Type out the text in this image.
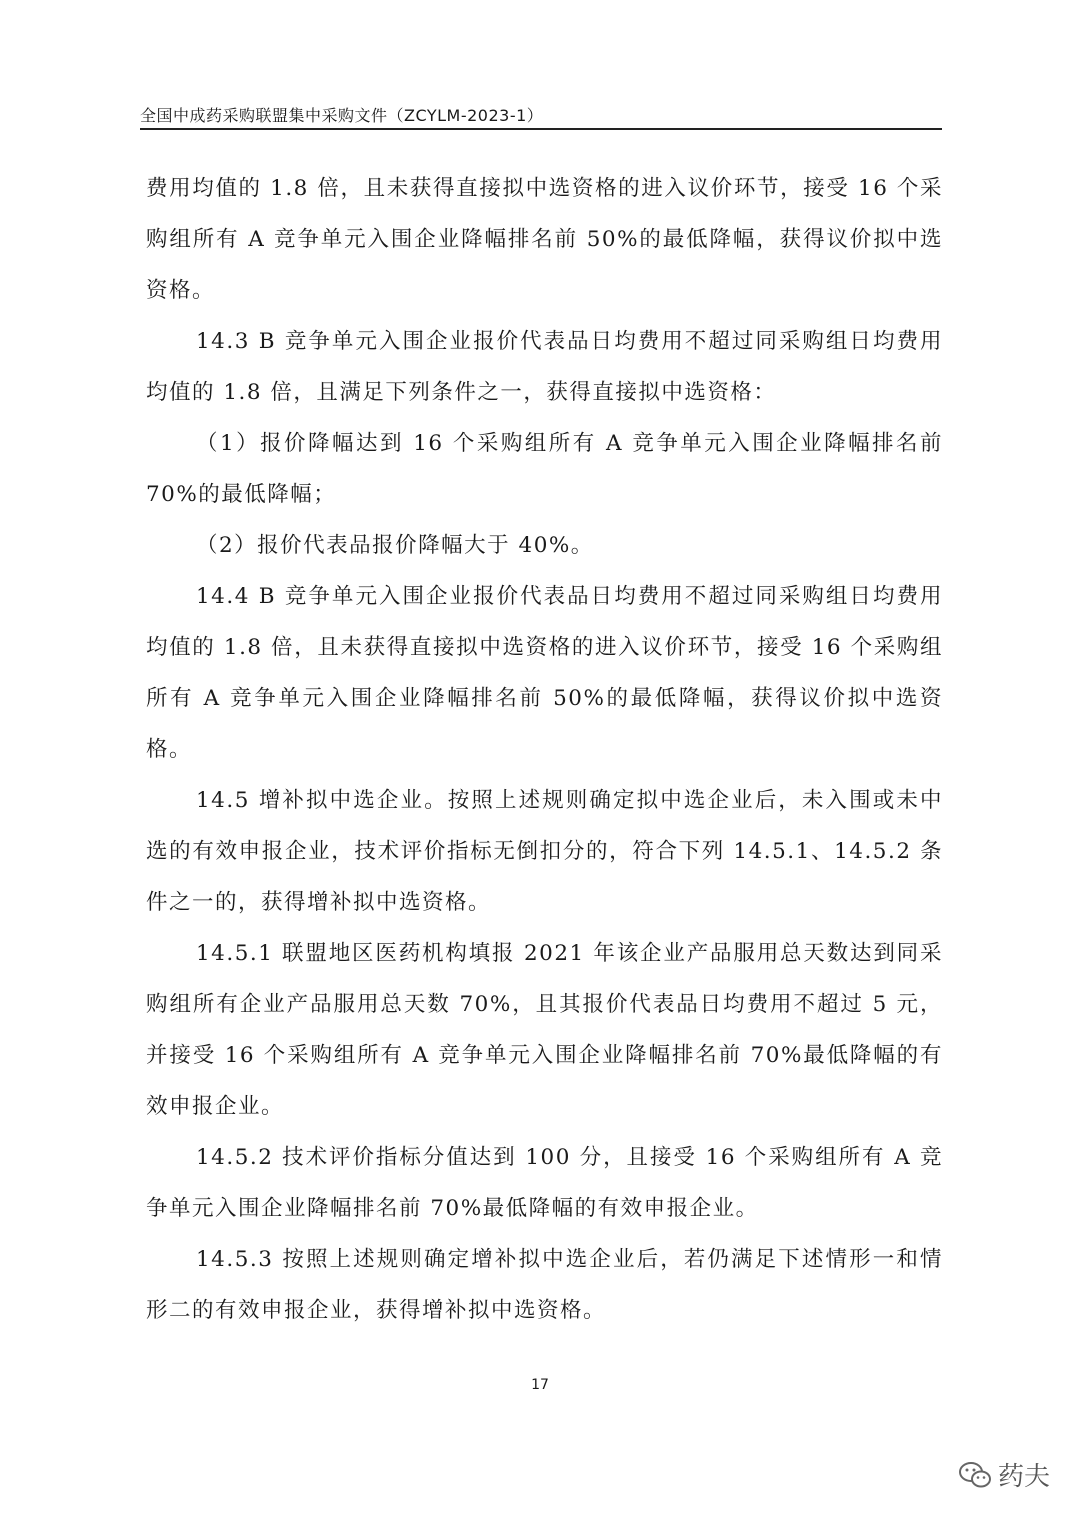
全国中成药采购联盟集中采购文件（ZCYLM-2023-1）

费用均值的 1.8 倍，且未获得直接拟中选资格的进入议价环节，接受 16 个采购组所有 A 竞争单元入围企业降幅排名前 50%的最低降幅，获得议价拟中选资格。

14.3 B 竞争单元入围企业报价代表品日均费用不超过同采购组日均费用均值的 1.8 倍，且满足下列条件之一，获得直接拟中选资格：

（1）报价降幅达到 16 个采购组所有 A 竞争单元入围企业降幅排名前 70%的最低降幅；

（2）报价代表品报价降幅大于 40%。

14.4 B 竞争单元入围企业报价代表品日均费用不超过同采购组日均费用均值的 1.8 倍，且未获得直接拟中选资格的进入议价环节，接受 16 个采购组所有 A 竞争单元入围企业降幅排名前 50%的最低降幅，获得议价拟中选资格。

14.5 增补拟中选企业。按照上述规则确定拟中选企业后，未入围或未中选的有效申报企业，技术评价指标无倒扣分的，符合下列 14.5.1、14.5.2 条件之一的，获得增补拟中选资格。

14.5.1 联盟地区医药机构填报 2021 年该企业产品服用总天数达到同采购组所有企业产品服用总天数 70%，且其报价代表品日均费用不超过 5 元，并接受 16 个采购组所有 A 竞争单元入围企业降幅排名前 70%最低降幅的有效申报企业。

14.5.2 技术评价指标分值达到 100 分，且接受 16 个采购组所有 A 竞争单元入围企业降幅排名前 70%最低降幅的有效申报企业。

14.5.3 按照上述规则确定增补拟中选企业后，若仍满足下述情形一和情形二的有效申报企业，获得增补拟中选资格。

17
药夫
